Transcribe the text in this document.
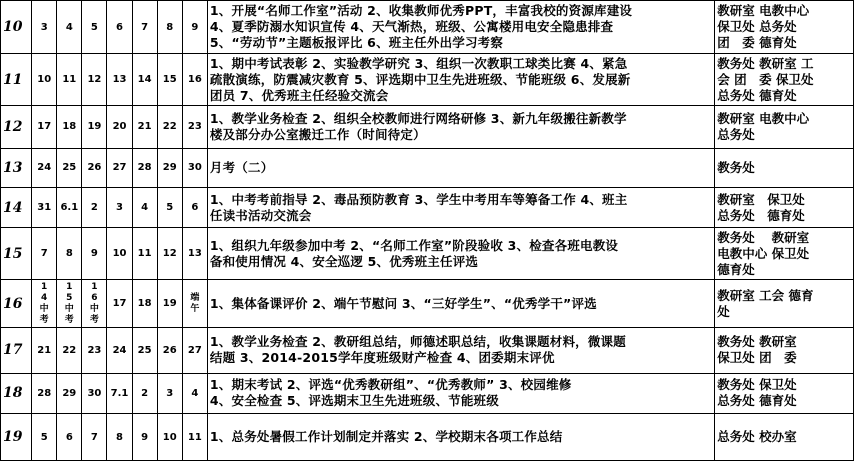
10	3	4	5	6	7	8	9	1、开展“名师工作室”活动 2、收集教师优秀PPT，丰富我校的资源库建设
4、夏季防溺水知识宣传 4、天气渐热，班级、公寓楼用电安全隐患排查
5、“劳动节”主题板报评比 6、班主任外出学习考察	教研室 电教中心
保卫处 总务处
团　委 德育处

11	10	11	12	13	14	15	16	1、期中考试表彰 2、实验教学研究 3、组织一次教职工球类比赛 4、紧急
疏散演练，防震减灾教育 5、评选期中卫生先进班级、节能班级 6、发展新
团员 7、优秀班主任经验交流会	教务处 教研室 工
会 团　委 保卫处
总务处 德育处

12	17	18	19	20	21	22	23	1、教学业务检查 2、组织全校教师进行网络研修 3、新九年级搬往新教学
楼及部分办公室搬迁工作（时间待定）	教研室 电教中心
总务处

13	24	25	26	27	28	29	30	月考（二）	教务处

14	31	6.1	2	3	4	5	6	1、中考考前指导 2、毒品预防教育 3、学生中考用车等筹备工作 4、班主
任读书活动交流会	教研室　保卫处
总务处　德育处

15	7	8	9	10	11	12	13	1、组织九年级参加中考 2、“名师工作室”阶段验收 3、检查各班电教设
备和使用情况 4、安全巡逻 5、优秀班主任评选	教务处　 教研室
电教中心 保卫处
德育处

16	14中考	15中考	16中考	17	18	19	端午	1、集体备课评价 2、端午节慰问 3、“三好学生”、“优秀学干”评选	教研室 工会 德育
处

17	21	22	23	24	25	26	27	1、教学业务检查 2、教研组总结，师德述职总结，收集课题材料，微课题
结题 3、2014-2015学年度班级财产检查 4、团委期末评优	教务处 教研室
保卫处 团　委

18	28	29	30	7.1	2	3	4	1、期末考试 2、评选“优秀教研组”、“优秀教师” 3、校园维修
4、安全检查 5、评选期末卫生先进班级、节能班级	教务处 保卫处
总务处 德育处

19	5	6	7	8	9	10	11	1、总务处暑假工作计划制定并落实 2、学校期末各项工作总结	总务处 校办室
